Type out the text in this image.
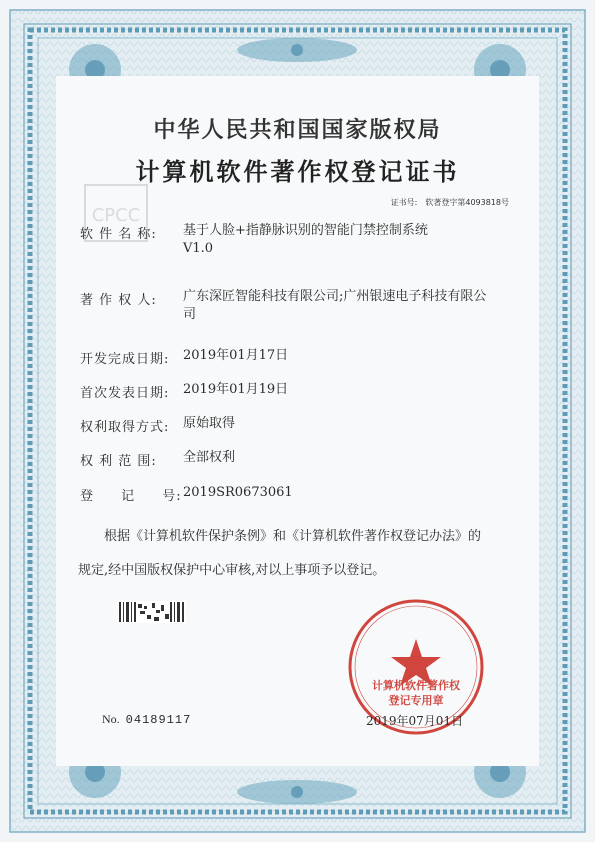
CPCC
中华人民共和国国家版权局
计算机软件著作权登记证书
证书号: 软著登字第4093818号
软 件 名 称: 基于人脸+指静脉识别的智能门禁控制系统
V1.0
著 作 权 人: 广东深匠智能科技有限公司;广州银速电子科技有限公
司
开发完成日期: 2019年01月17日
首次发表日期: 2019年01月19日
权利取得方式: 原始取得
权 利 范 围: 全部权利
登 记 号: 2019SR0673061
根据《计算机软件保护条例》和《计算机软件著作权登记办法》的
规定,经中国版权保护中心审核,对以上事项予以登记。
计算机软件著作权
登记专用章
No. 04189117	2019年07月01日
